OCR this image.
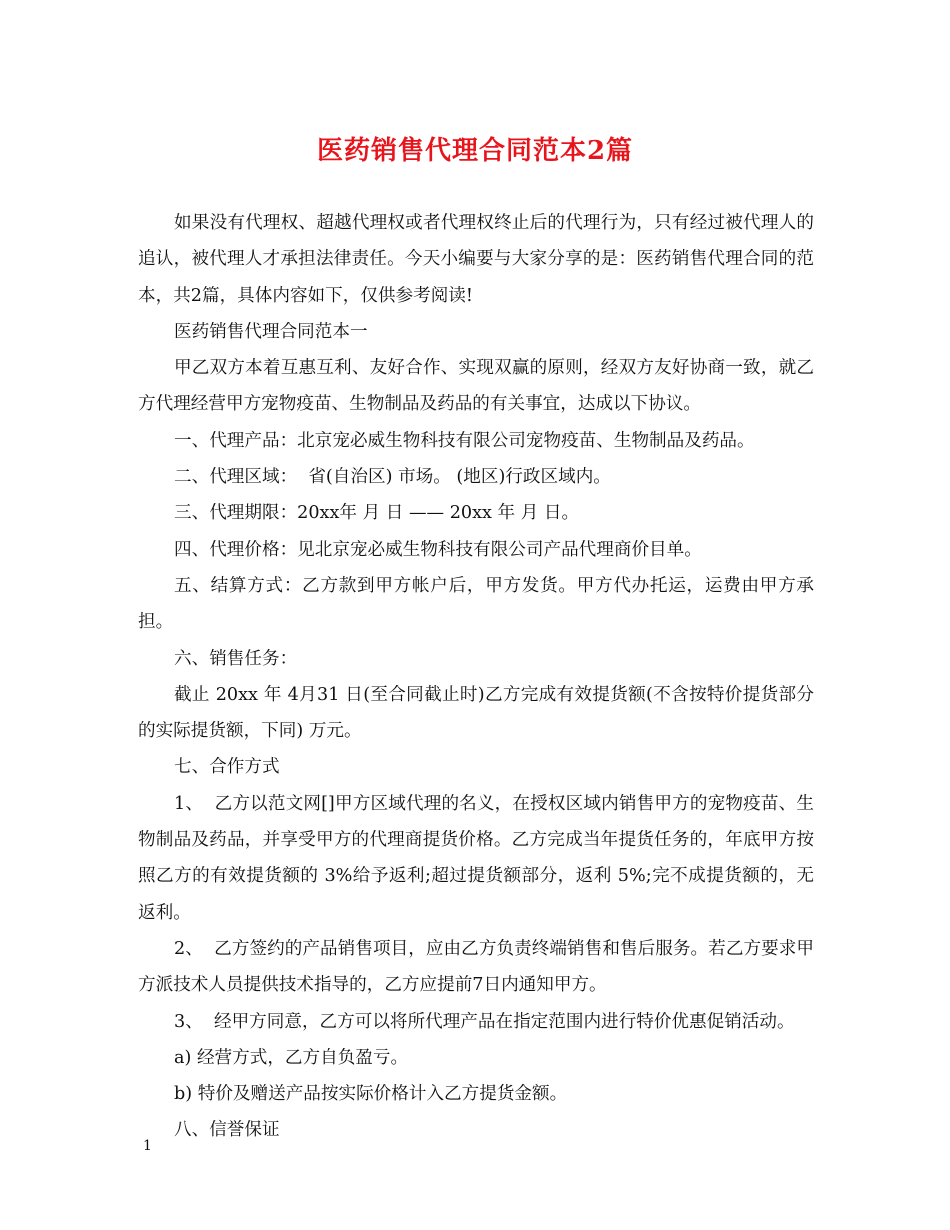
医药销售代理合同范本2篇

如果没有代理权、超越代理权或者代理权终止后的代理行为，只有经过被代理人的追认，被代理人才承担法律责任。今天小编要与大家分享的是：医药销售代理合同的范本，共2篇，具体内容如下，仅供参考阅读!

医药销售代理合同范本一

甲乙双方本着互惠互利、友好合作、实现双赢的原则，经双方友好协商一致，就乙方代理经营甲方宠物疫苗、生物制品及药品的有关事宜，达成以下协议。

一、代理产品：北京宠必威生物科技有限公司宠物疫苗、生物制品及药品。

二、代理区域：  省(自治区) 市场。 (地区)行政区域内。

三、代理期限：20xx年 月 日 —— 20xx 年 月 日。

四、代理价格：见北京宠必威生物科技有限公司产品代理商价目单。

五、结算方式：乙方款到甲方帐户后，甲方发货。甲方代办托运，运费由甲方承担。

六、销售任务：

截止 20xx 年 4月31 日(至合同截止时)乙方完成有效提货额(不含按特价提货部分的实际提货额，下同) 万元。

七、合作方式

1、  乙方以范文网[]甲方区域代理的名义，在授权区域内销售甲方的宠物疫苗、生物制品及药品，并享受甲方的代理商提货价格。乙方完成当年提货任务的，年底甲方按照乙方的有效提货额的 3%给予返利;超过提货额部分，返利 5%;完不成提货额的，无返利。

2、  乙方签约的产品销售项目，应由乙方负责终端销售和售后服务。若乙方要求甲方派技术人员提供技术指导的，乙方应提前7日内通知甲方。

3、  经甲方同意，乙方可以将所代理产品在指定范围内进行特价优惠促销活动。

a) 经营方式，乙方自负盈亏。

b) 特价及赠送产品按实际价格计入乙方提货金额。

八、信誉保证

1
